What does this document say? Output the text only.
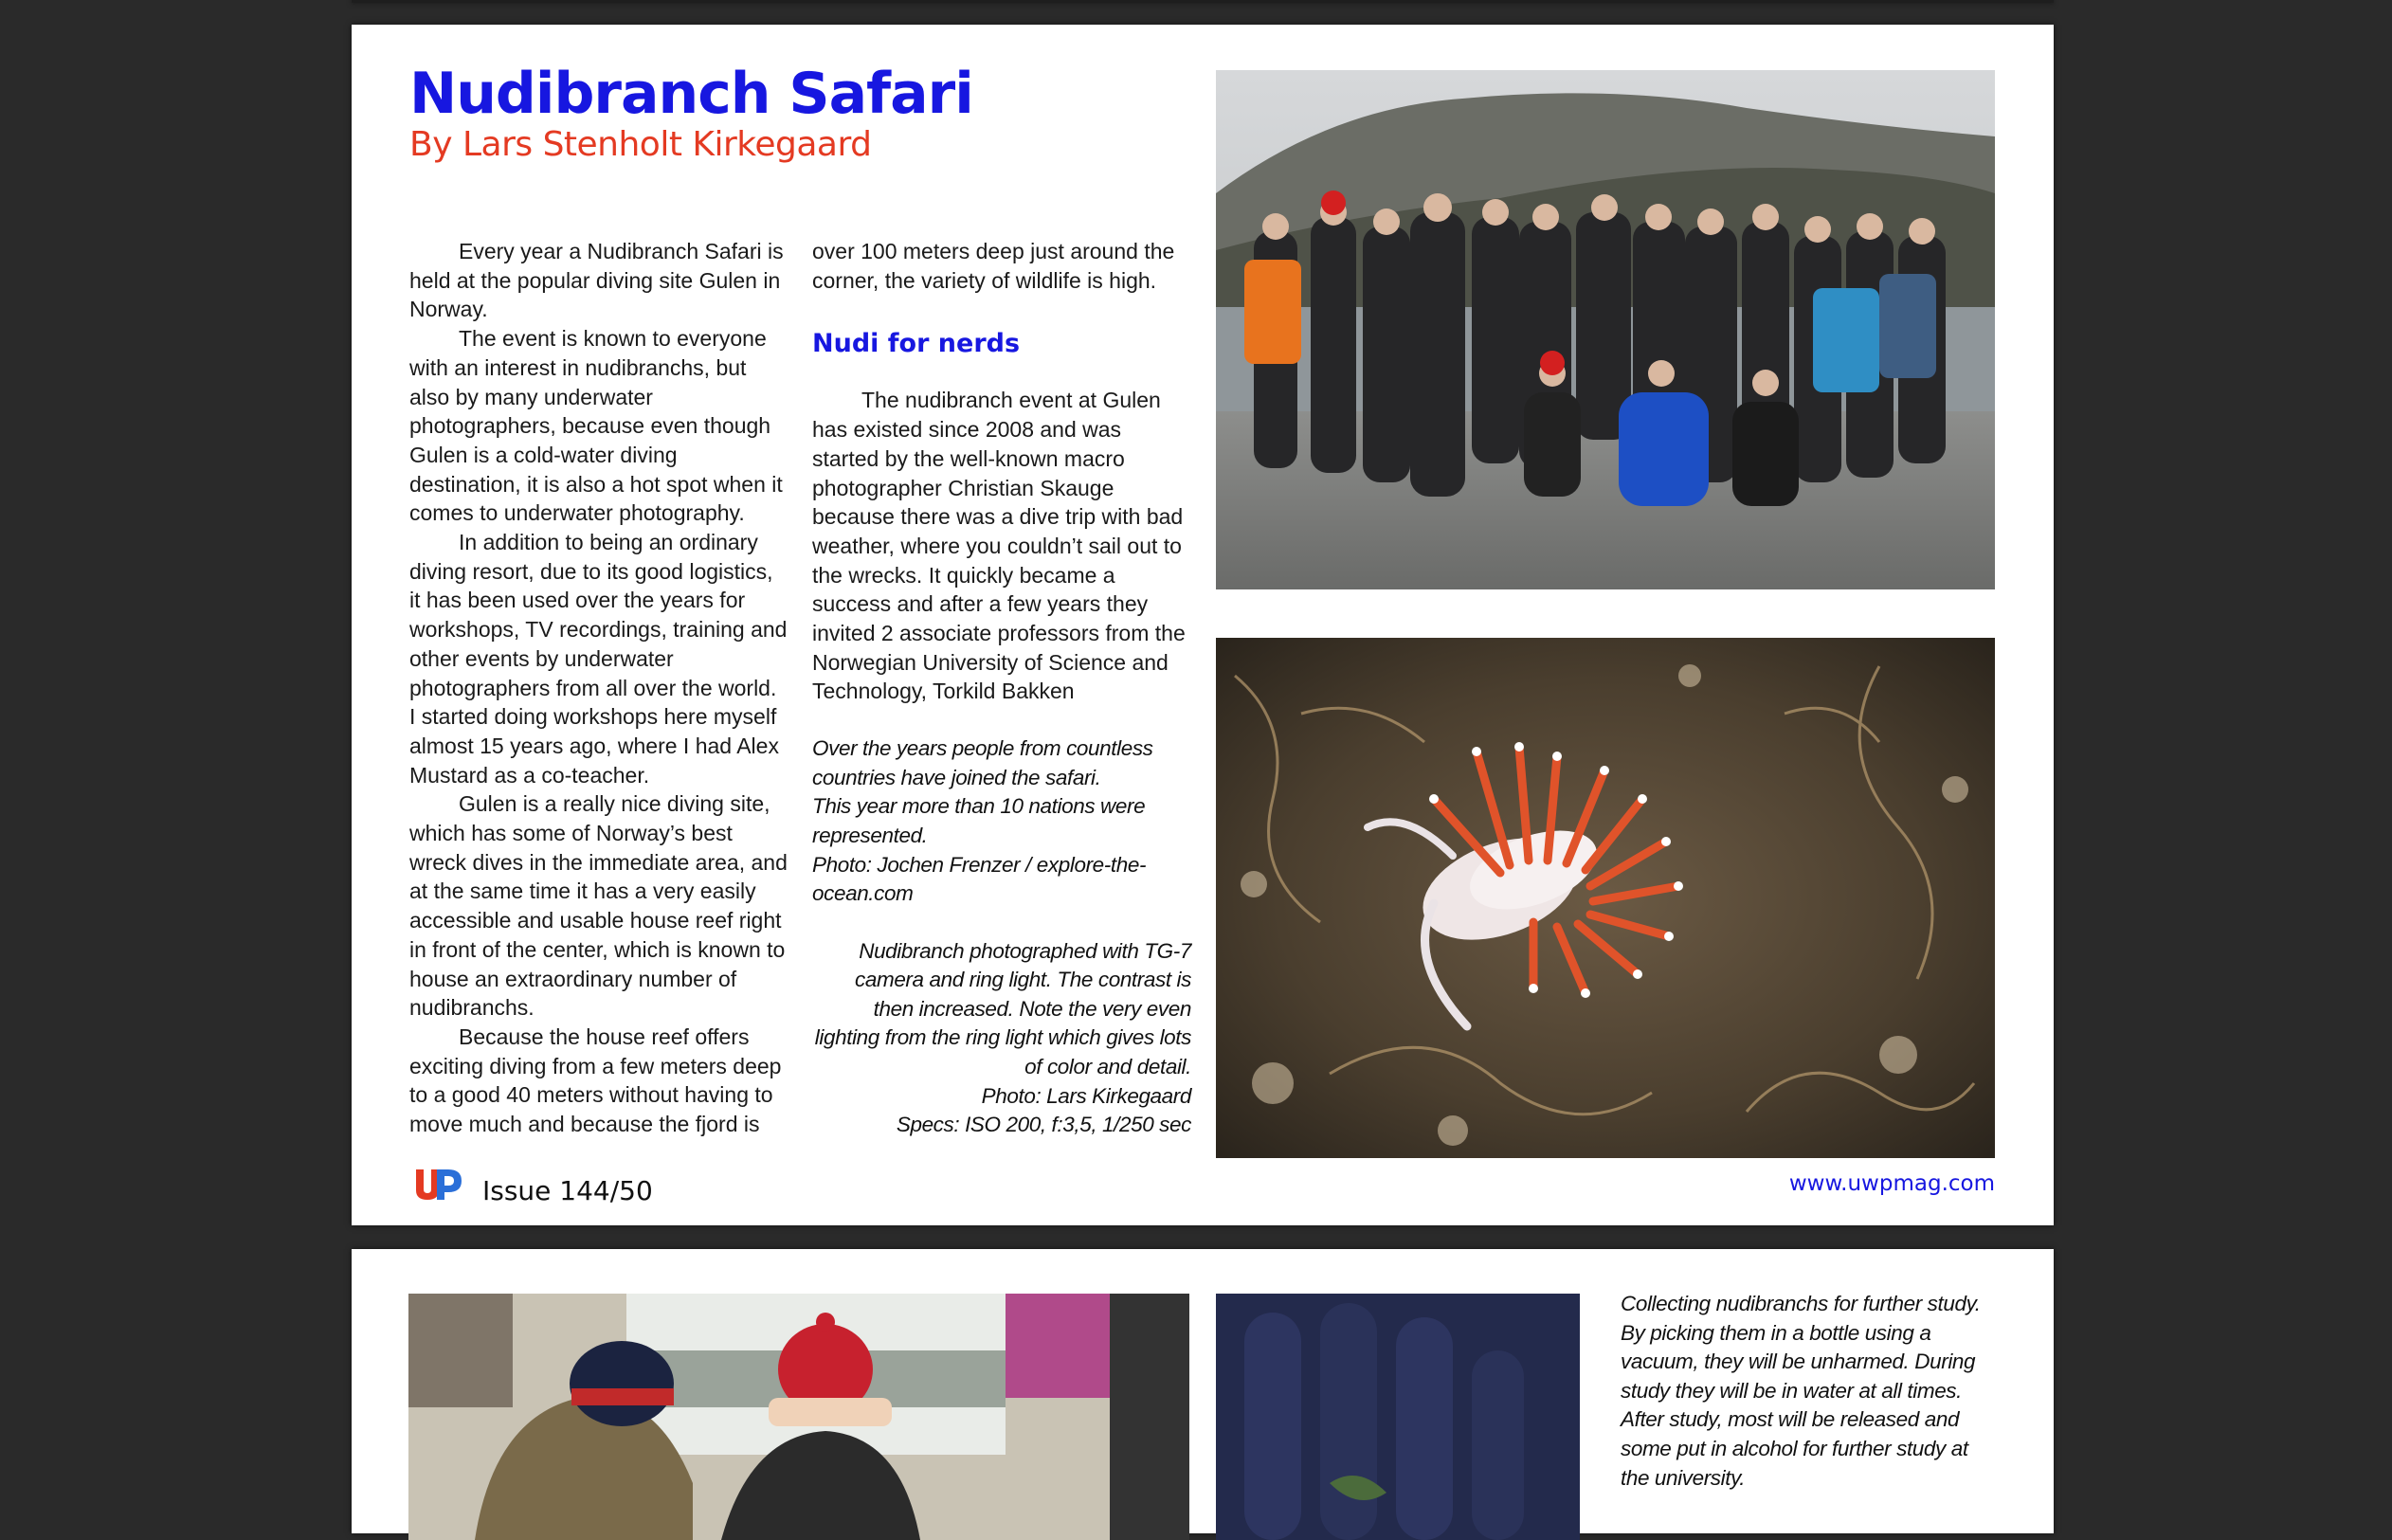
Nudibranch Safari
By Lars Stenholt Kirkegaard

Every year a Nudibranch Safari is held at the popular diving site Gulen in Norway.

The event is known to everyone with an interest in nudibranchs, but also by many underwater photographers, because even though Gulen is a cold-water diving destination, it is also a hot spot when it comes to underwater photography.

In addition to being an ordinary diving resort, due to its good logistics, it has been used over the years for workshops, TV recordings, training and other events by underwater photographers from all over the world. I started doing workshops here myself almost 15 years ago, where I had Alex Mustard as a co-teacher.

Gulen is a really nice diving site, which has some of Norway’s best wreck dives in the immediate area, and at the same time it has a very easily accessible and usable house reef right in front of the center, which is known to house an extraordinary number of nudibranchs.

Because the house reef offers exciting diving from a few meters deep to a good 40 meters without having to move much and because the fjord is

over 100 meters deep just around the corner, the variety of wildlife is high.

Nudi for nerds

The nudibranch event at Gulen has existed since 2008 and was started by the well-known macro photographer Christian Skauge because there was a dive trip with bad weather, where you couldn’t sail out to the wrecks. It quickly became a success and after a few years they invited 2 associate professors from the Norwegian University of Science and Technology, Torkild Bakken

Over the years people from countless countries have joined the safari.
This year more than 10 nations were represented.
Photo: Jochen Frenzer / explore-the-ocean.com
Nudibranch photographed with TG-7 camera and ring light. The contrast is then increased. Note the very even lighting from the ring light which gives lots of color and detail.
Photo: Lars Kirkegaard
Specs: ISO 200, f:3,5, 1/250 sec
Issue 144/50	www.uwpmag.com
Collecting nudibranchs for further study. By picking them in a bottle using a vacuum, they will be unharmed. During study they will be in water at all times. After study, most will be released and some put in alcohol for further study at the university.
